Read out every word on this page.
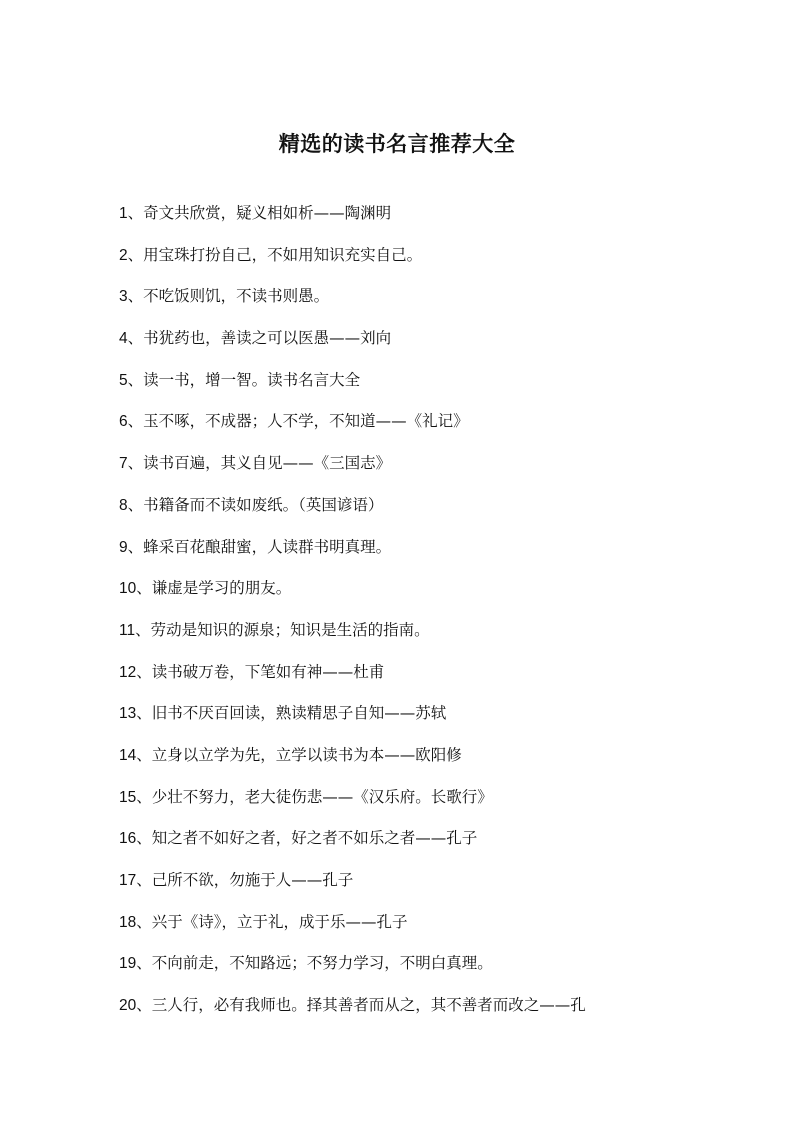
精选的读书名言推荐大全
1、奇文共欣赏，疑义相如析——陶渊明
2、用宝珠打扮自己，不如用知识充实自己。
3、不吃饭则饥，不读书则愚。
4、书犹药也，善读之可以医愚——刘向
5、读一书，增一智。读书名言大全
6、玉不啄，不成器；人不学，不知道——《礼记》
7、读书百遍，其义自见——《三国志》
8、书籍备而不读如废纸。（英国谚语）
9、蜂采百花酿甜蜜，人读群书明真理。
10、谦虚是学习的朋友。
11、劳动是知识的源泉；知识是生活的指南。
12、读书破万卷，下笔如有神——杜甫
13、旧书不厌百回读，熟读精思子自知——苏轼
14、立身以立学为先，立学以读书为本——欧阳修
15、少壮不努力，老大徒伤悲——《汉乐府。长歌行》
16、知之者不如好之者，好之者不如乐之者——孔子
17、己所不欲，勿施于人——孔子
18、兴于《诗》，立于礼，成于乐——孔子
19、不向前走，不知路远；不努力学习，不明白真理。
20、三人行，必有我师也。择其善者而从之，其不善者而改之——孔
